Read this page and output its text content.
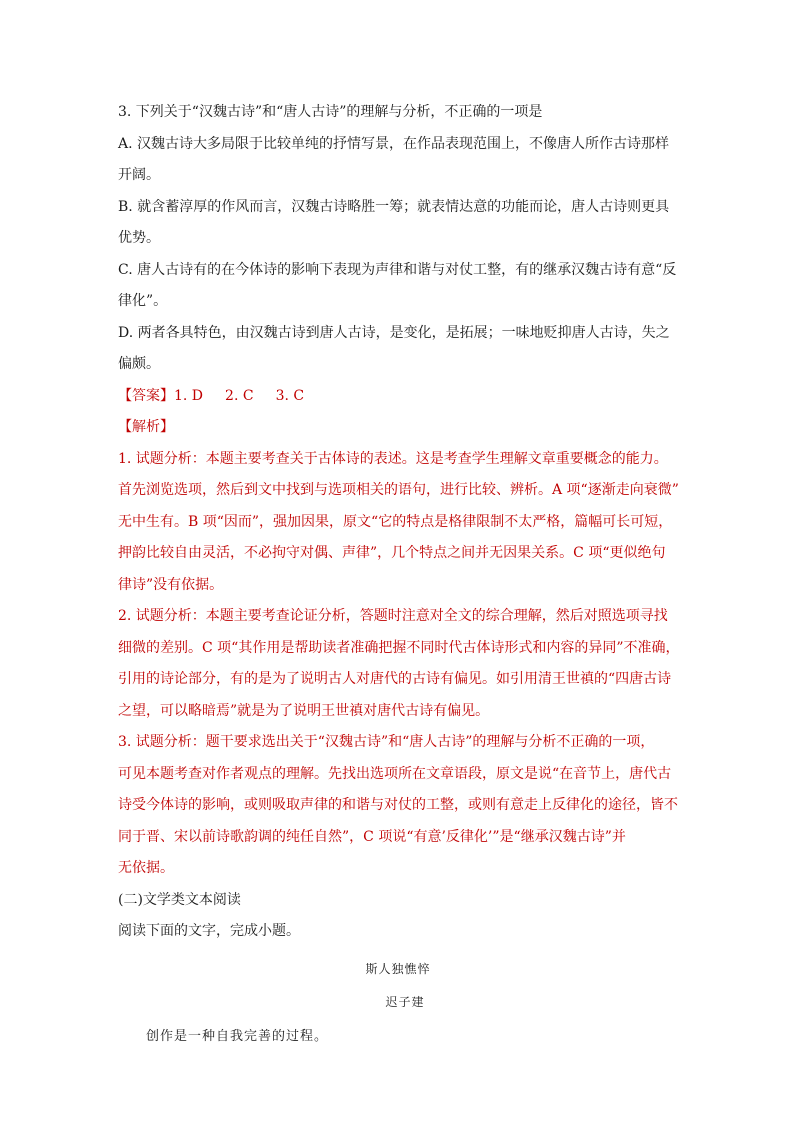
3. 下列关于“汉魏古诗”和“唐人古诗”的理解与分析，不正确的一项是

A. 汉魏古诗大多局限于比较单纯的抒情写景，在作品表现范围上，不像唐人所作古诗那样

开阔。

B. 就含蓄淳厚的作风而言，汉魏古诗略胜一筹；就表情达意的功能而论，唐人古诗则更具

优势。

C. 唐人古诗有的在今体诗的影响下表现为声律和谐与对仗工整，有的继承汉魏古诗有意“反

律化”。

D. 两者各具特色，由汉魏古诗到唐人古诗，是变化，是拓展；一味地贬抑唐人古诗，失之

偏颇。

【答案】1. D 2. C 3. C

【解析】

1. 试题分析：本题主要考查关于古体诗的表述。这是考查学生理解文章重要概念的能力。

首先浏览选项，然后到文中找到与选项相关的语句，进行比较、辨析。A 项“逐渐走向衰微”

无中生有。B 项“因而”，强加因果，原文“它的特点是格律限制不太严格，篇幅可长可短，

押韵比较自由灵活，不必拘守对偶、声律”，几个特点之间并无因果关系。C 项“更似绝句

律诗”没有依据。

2. 试题分析：本题主要考查论证分析，答题时注意对全文的综合理解，然后对照选项寻找

细微的差别。C 项“其作用是帮助读者准确把握不同时代古体诗形式和内容的异同”不准确，

引用的诗论部分，有的是为了说明古人对唐代的古诗有偏见。如引用清王世禛的“四唐古诗

之望，可以略暗焉”就是为了说明王世禛对唐代古诗有偏见。

3. 试题分析：题干要求选出关于“汉魏古诗”和“唐人古诗”的理解与分析不正确的一项，

可见本题考查对作者观点的理解。先找出选项所在文章语段，原文是说“在音节上，唐代古

诗受今体诗的影响，或则吸取声律的和谐与对仗的工整，或则有意走上反律化的途径，皆不

同于晋、宋以前诗歌韵调的纯任自然”，C 项说“有意’反律化’”是“继承汉魏古诗”并

无依据。

(二)文学类文本阅读

阅读下面的文字，完成小题。

斯人独憔悴

迟子建

创作是一种自我完善的过程。
